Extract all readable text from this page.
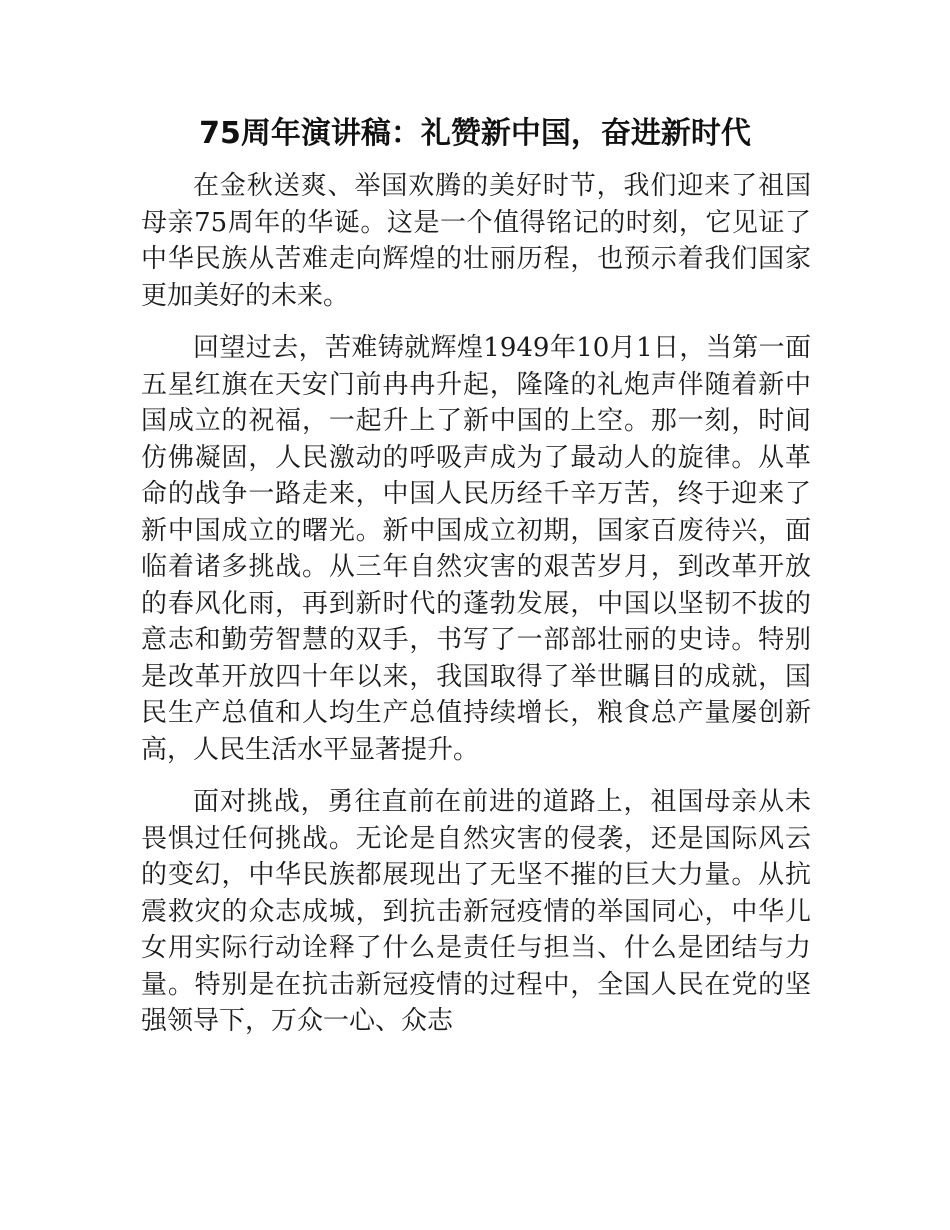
75周年演讲稿：礼赞新中国，奋进新时代

在金秋送爽、举国欢腾的美好时节，我们迎来了祖国母亲75周年的华诞。这是一个值得铭记的时刻，它见证了中华民族从苦难走向辉煌的壮丽历程，也预示着我们国家更加美好的未来。

回望过去，苦难铸就辉煌1949年10月1日，当第一面五星红旗在天安门前冉冉升起，隆隆的礼炮声伴随着新中国成立的祝福，一起升上了新中国的上空。那一刻，时间仿佛凝固，人民激动的呼吸声成为了最动人的旋律。从革命的战争一路走来，中国人民历经千辛万苦，终于迎来了新中国成立的曙光。新中国成立初期，国家百废待兴，面临着诸多挑战。从三年自然灾害的艰苦岁月，到改革开放的春风化雨，再到新时代的蓬勃发展，中国以坚韧不拔的意志和勤劳智慧的双手，书写了一部部壮丽的史诗。特别是改革开放四十年以来，我国取得了举世瞩目的成就，国民生产总值和人均生产总值持续增长，粮食总产量屡创新高，人民生活水平显著提升。

面对挑战，勇往直前在前进的道路上，祖国母亲从未畏惧过任何挑战。无论是自然灾害的侵袭，还是国际风云的变幻，中华民族都展现出了无坚不摧的巨大力量。从抗震救灾的众志成城，到抗击新冠疫情的举国同心，中华儿女用实际行动诠释了什么是责任与担当、什么是团结与力量。特别是在抗击新冠疫情的过程中，全国人民在党的坚强领导下，万众一心、众志
